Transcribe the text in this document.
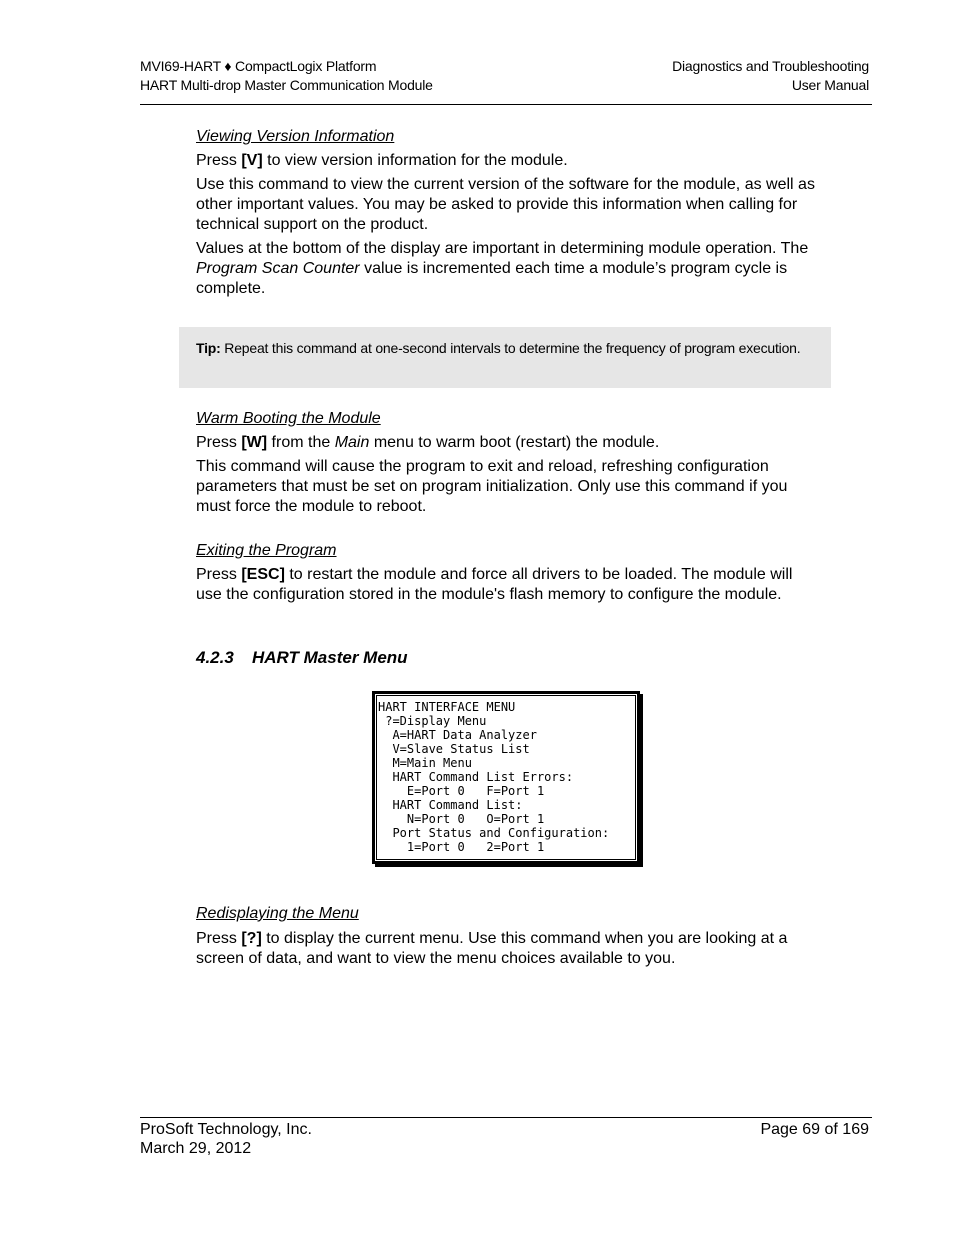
MVI69-HART ♦ CompactLogix Platform
HART Multi-drop Master Communication Module
Diagnostics and Troubleshooting
User Manual

Viewing Version Information

Press [V] to view version information for the module.

Use this command to view the current version of the software for the module, as well as other important values. You may be asked to provide this information when calling for technical support on the product.

Values at the bottom of the display are important in determining module operation. The Program Scan Counter value is incremented each time a module’s program cycle is complete.

Tip: Repeat this command at one-second intervals to determine the frequency of program execution.

Warm Booting the Module

Press [W] from the Main menu to warm boot (restart) the module.

This command will cause the program to exit and reload, refreshing configuration parameters that must be set on program initialization. Only use this command if you must force the module to reboot.

Exiting the Program

Press [ESC] to restart the module and force all drivers to be loaded. The module will use the configuration stored in the module's flash memory to configure the module.

4.2.3 HART Master Menu
HART INTERFACE MENU
?=Display Menu
A=HART Data Analyzer
V=Slave Status List
M=Main Menu
HART Command List Errors:
E=Port 0   F=Port 1
HART Command List:
N=Port 0   O=Port 1
Port Status and Configuration:
1=Port 0   2=Port 1

Redisplaying the Menu

Press [?] to display the current menu. Use this command when you are looking at a screen of data, and want to view the menu choices available to you.

ProSoft Technology, Inc.
March 29, 2012
Page 69 of 169
